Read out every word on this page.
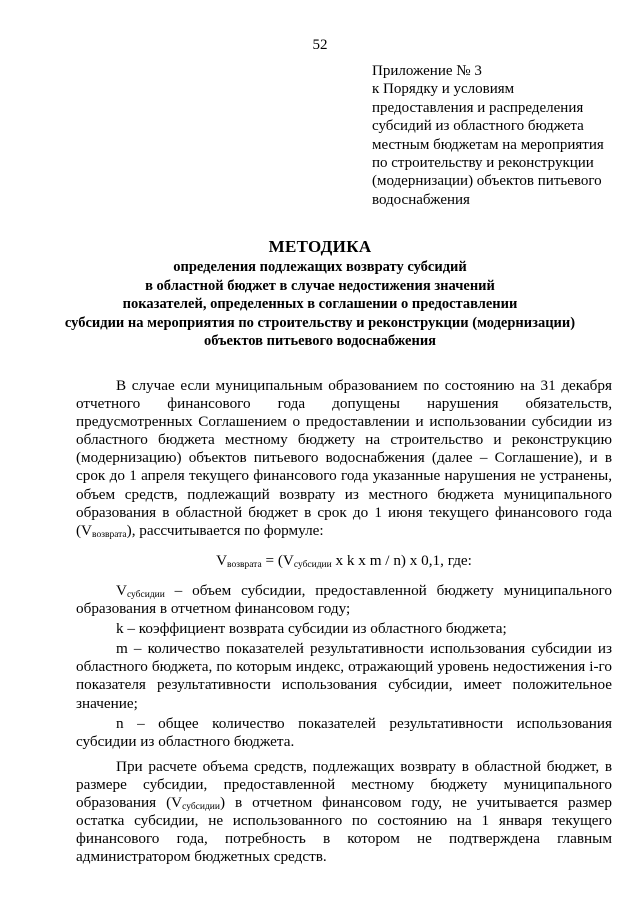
52
Приложение № 3
к Порядку и условиям
предоставления и распределения
субсидий из областного бюджета
местным бюджетам на мероприятия
по строительству и реконструкции
(модернизации) объектов питьевого
водоснабжения
МЕТОДИКА
определения подлежащих возврату субсидий
в областной бюджет в случае недостижения значений
показателей, определенных в соглашении о предоставлении
субсидии на мероприятия по строительству и реконструкции (модернизации)
объектов питьевого водоснабжения

В случае если муниципальным образованием по состоянию на 31 декабря отчетного финансового года допущены нарушения обязательств, предусмотренных Соглашением о предоставлении и использовании субсидии из областного бюджета местному бюджету на строительство и реконструкцию (модернизацию) объектов питьевого водоснабжения (далее – Соглашение), и в срок до 1 апреля текущего финансового года указанные нарушения не устранены, объем средств, подлежащий возврату из местного бюджета муниципального образования в областной бюджет в срок до 1 июня текущего финансового года $(V_{возврата})$, рассчитывается по формуле:

$V_{возврата} = (V_{субсидии}$ x k x m / n) x 0,1, где:

$V_{субсидии}$ – объем субсидии, предоставленной бюджету муниципального образования в отчетном финансовом году;

k – коэффициент возврата субсидии из областного бюджета;

m – количество показателей результативности использования субсидии из областного бюджета, по которым индекс, отражающий уровень недостижения i-го показателя результативности использования субсидии, имеет положительное значение;

n – общее количество показателей результативности использования субсидии из областного бюджета.

При расчете объема средств, подлежащих возврату в областной бюджет, в размере субсидии, предоставленной местному бюджету муниципального образования $(V_{субсидии})$ в отчетном финансовом году, не учитывается размер остатка субсидии, не использованного по состоянию на 1 января текущего финансового года, потребность в котором не подтверждена главным администратором бюджетных средств.
